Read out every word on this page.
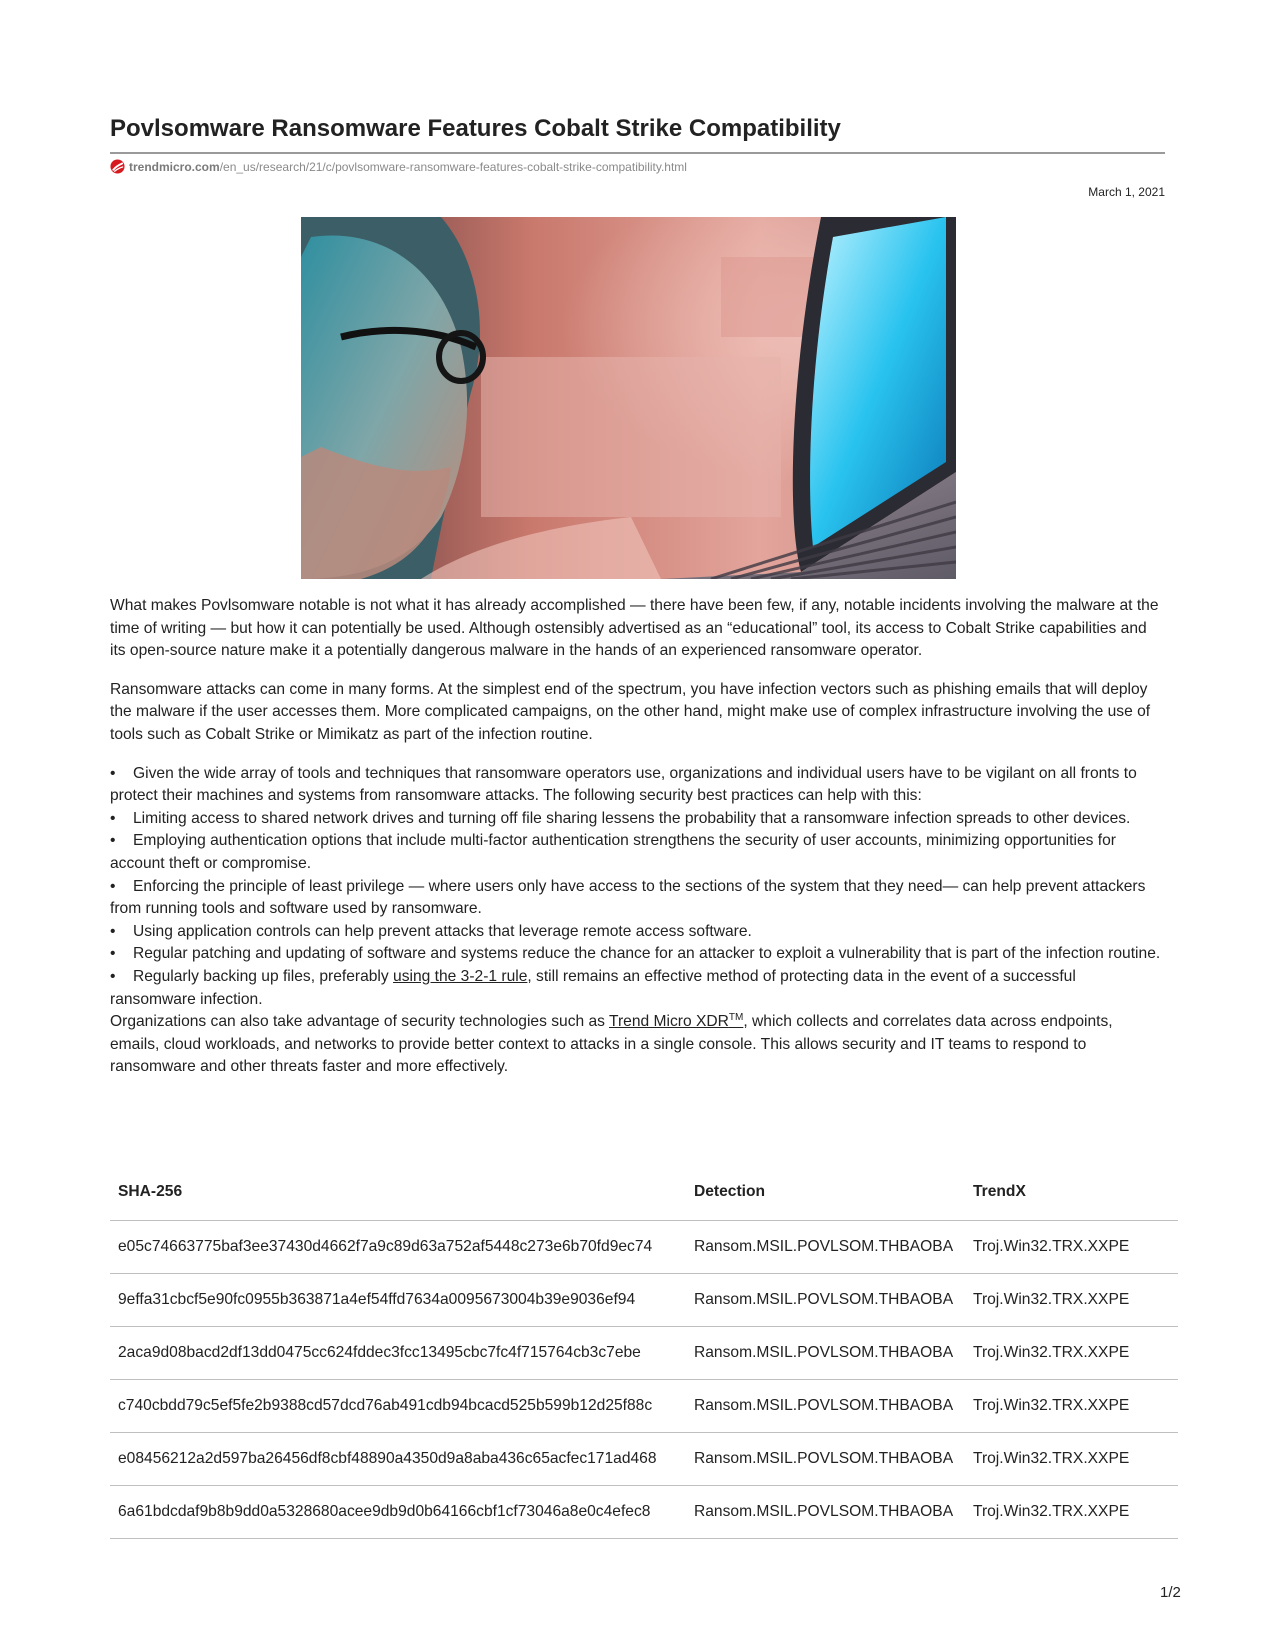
Povlsomware Ransomware Features Cobalt Strike Compatibility
trendmicro.com/en_us/research/21/c/povlsomware-ransomware-features-cobalt-strike-compatibility.html
March 1, 2021

What makes Povlsomware notable is not what it has already accomplished — there have been few, if any, notable incidents involving the malware at the time of writing — but how it can potentially be used. Although ostensibly advertised as an “educational” tool, its access to Cobalt Strike capabilities and its open-source nature make it a potentially dangerous malware in the hands of an experienced ransomware operator.

Ransomware attacks can come in many forms. At the simplest end of the spectrum, you have infection vectors such as phishing emails that will deploy the malware if the user accesses them. More complicated campaigns, on the other hand, might make use of complex infrastructure involving the use of tools such as Cobalt Strike or Mimikatz as part of the infection routine.

• Given the wide array of tools and techniques that ransomware operators use, organizations and individual users have to be vigilant on all fronts to protect their machines and systems from ransomware attacks. The following security best practices can help with this:
• Limiting access to shared network drives and turning off file sharing lessens the probability that a ransomware infection spreads to other devices.
• Employing authentication options that include multi-factor authentication strengthens the security of user accounts, minimizing opportunities for account theft or compromise.
• Enforcing the principle of least privilege — where users only have access to the sections of the system that they need— can help prevent attackers from running tools and software used by ransomware.
• Using application controls can help prevent attacks that leverage remote access software.
• Regular patching and updating of software and systems reduce the chance for an attacker to exploit a vulnerability that is part of the infection routine.
• Regularly backing up files, preferably using the 3-2-1 rule, still remains an effective method of protecting data in the event of a successful ransomware infection.

Organizations can also take advantage of security technologies such as Trend Micro XDR™, which collects and correlates data across endpoints, emails, cloud workloads, and networks to provide better context to attacks in a single console. This allows security and IT teams to respond to ransomware and other threats faster and more effectively.

SHA-256	Detection	TrendX
e05c74663775baf3ee37430d4662f7a9c89d63a752af5448c273e6b70fd9ec74	Ransom.MSIL.POVLSOM.THBAOBA	Troj.Win32.TRX.XXPE
9effa31cbcf5e90fc0955b363871a4ef54ffd7634a0095673004b39e9036ef94	Ransom.MSIL.POVLSOM.THBAOBA	Troj.Win32.TRX.XXPE
2aca9d08bacd2df13dd0475cc624fddec3fcc13495cbc7fc4f715764cb3c7ebe	Ransom.MSIL.POVLSOM.THBAOBA	Troj.Win32.TRX.XXPE
c740cbdd79c5ef5fe2b9388cd57dcd76ab491cdb94bcacd525b599b12d25f88c	Ransom.MSIL.POVLSOM.THBAOBA	Troj.Win32.TRX.XXPE
e08456212a2d597ba26456df8cbf48890a4350d9a8aba436c65acfec171ad468	Ransom.MSIL.POVLSOM.THBAOBA	Troj.Win32.TRX.XXPE
6a61bdcdaf9b8b9dd0a5328680acee9db9d0b64166cbf1cf73046a8e0c4efec8	Ransom.MSIL.POVLSOM.THBAOBA	Troj.Win32.TRX.XXPE
1/2
